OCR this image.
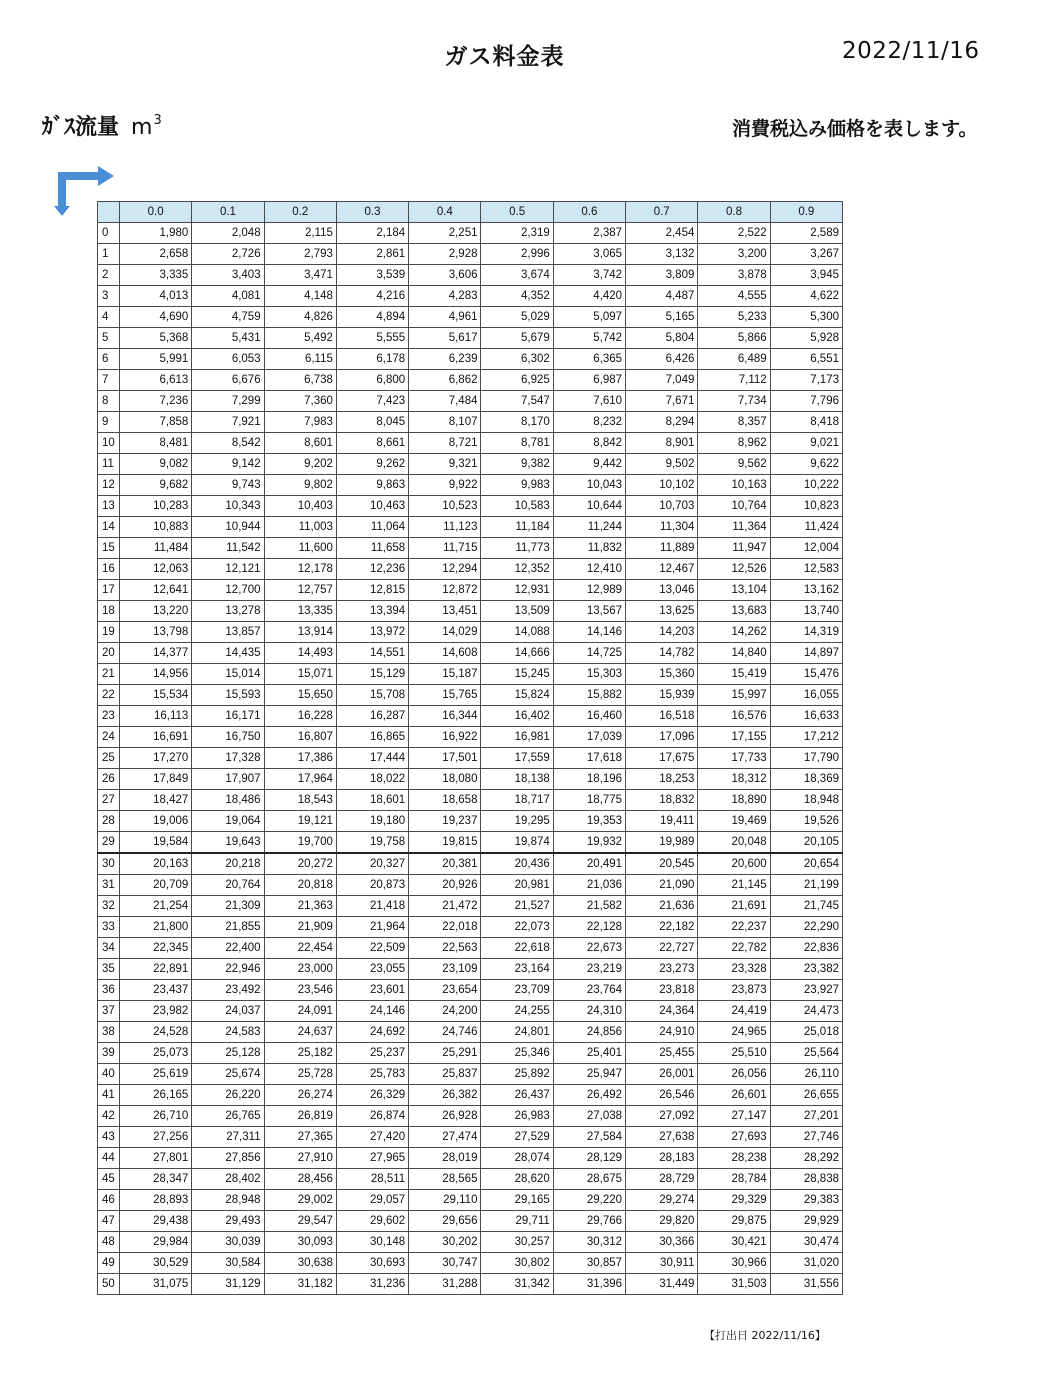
ガス料金表	2022/11/16
ｶﾞｽ流量 $m^3$	消費税込み価格を表します。
	0.0	0.1	0.2	0.3	0.4	0.5	0.6	0.7	0.8	0.9
0	1,980	2,048	2,115	2,184	2,251	2,319	2,387	2,454	2,522	2,589
1	2,658	2,726	2,793	2,861	2,928	2,996	3,065	3,132	3,200	3,267
2	3,335	3,403	3,471	3,539	3,606	3,674	3,742	3,809	3,878	3,945
3	4,013	4,081	4,148	4,216	4,283	4,352	4,420	4,487	4,555	4,622
4	4,690	4,759	4,826	4,894	4,961	5,029	5,097	5,165	5,233	5,300
5	5,368	5,431	5,492	5,555	5,617	5,679	5,742	5,804	5,866	5,928
6	5,991	6,053	6,115	6,178	6,239	6,302	6,365	6,426	6,489	6,551
7	6,613	6,676	6,738	6,800	6,862	6,925	6,987	7,049	7,112	7,173
8	7,236	7,299	7,360	7,423	7,484	7,547	7,610	7,671	7,734	7,796
9	7,858	7,921	7,983	8,045	8,107	8,170	8,232	8,294	8,357	8,418
10	8,481	8,542	8,601	8,661	8,721	8,781	8,842	8,901	8,962	9,021
11	9,082	9,142	9,202	9,262	9,321	9,382	9,442	9,502	9,562	9,622
12	9,682	9,743	9,802	9,863	9,922	9,983	10,043	10,102	10,163	10,222
13	10,283	10,343	10,403	10,463	10,523	10,583	10,644	10,703	10,764	10,823
14	10,883	10,944	11,003	11,064	11,123	11,184	11,244	11,304	11,364	11,424
15	11,484	11,542	11,600	11,658	11,715	11,773	11,832	11,889	11,947	12,004
16	12,063	12,121	12,178	12,236	12,294	12,352	12,410	12,467	12,526	12,583
17	12,641	12,700	12,757	12,815	12,872	12,931	12,989	13,046	13,104	13,162
18	13,220	13,278	13,335	13,394	13,451	13,509	13,567	13,625	13,683	13,740
19	13,798	13,857	13,914	13,972	14,029	14,088	14,146	14,203	14,262	14,319
20	14,377	14,435	14,493	14,551	14,608	14,666	14,725	14,782	14,840	14,897
21	14,956	15,014	15,071	15,129	15,187	15,245	15,303	15,360	15,419	15,476
22	15,534	15,593	15,650	15,708	15,765	15,824	15,882	15,939	15,997	16,055
23	16,113	16,171	16,228	16,287	16,344	16,402	16,460	16,518	16,576	16,633
24	16,691	16,750	16,807	16,865	16,922	16,981	17,039	17,096	17,155	17,212
25	17,270	17,328	17,386	17,444	17,501	17,559	17,618	17,675	17,733	17,790
26	17,849	17,907	17,964	18,022	18,080	18,138	18,196	18,253	18,312	18,369
27	18,427	18,486	18,543	18,601	18,658	18,717	18,775	18,832	18,890	18,948
28	19,006	19,064	19,121	19,180	19,237	19,295	19,353	19,411	19,469	19,526
29	19,584	19,643	19,700	19,758	19,815	19,874	19,932	19,989	20,048	20,105
30	20,163	20,218	20,272	20,327	20,381	20,436	20,491	20,545	20,600	20,654
31	20,709	20,764	20,818	20,873	20,926	20,981	21,036	21,090	21,145	21,199
32	21,254	21,309	21,363	21,418	21,472	21,527	21,582	21,636	21,691	21,745
33	21,800	21,855	21,909	21,964	22,018	22,073	22,128	22,182	22,237	22,290
34	22,345	22,400	22,454	22,509	22,563	22,618	22,673	22,727	22,782	22,836
35	22,891	22,946	23,000	23,055	23,109	23,164	23,219	23,273	23,328	23,382
36	23,437	23,492	23,546	23,601	23,654	23,709	23,764	23,818	23,873	23,927
37	23,982	24,037	24,091	24,146	24,200	24,255	24,310	24,364	24,419	24,473
38	24,528	24,583	24,637	24,692	24,746	24,801	24,856	24,910	24,965	25,018
39	25,073	25,128	25,182	25,237	25,291	25,346	25,401	25,455	25,510	25,564
40	25,619	25,674	25,728	25,783	25,837	25,892	25,947	26,001	26,056	26,110
41	26,165	26,220	26,274	26,329	26,382	26,437	26,492	26,546	26,601	26,655
42	26,710	26,765	26,819	26,874	26,928	26,983	27,038	27,092	27,147	27,201
43	27,256	27,311	27,365	27,420	27,474	27,529	27,584	27,638	27,693	27,746
44	27,801	27,856	27,910	27,965	28,019	28,074	28,129	28,183	28,238	28,292
45	28,347	28,402	28,456	28,511	28,565	28,620	28,675	28,729	28,784	28,838
46	28,893	28,948	29,002	29,057	29,110	29,165	29,220	29,274	29,329	29,383
47	29,438	29,493	29,547	29,602	29,656	29,711	29,766	29,820	29,875	29,929
48	29,984	30,039	30,093	30,148	30,202	30,257	30,312	30,366	30,421	30,474
49	30,529	30,584	30,638	30,693	30,747	30,802	30,857	30,911	30,966	31,020
50	31,075	31,129	31,182	31,236	31,288	31,342	31,396	31,449	31,503	31,556
【打出日 2022/11/16】
